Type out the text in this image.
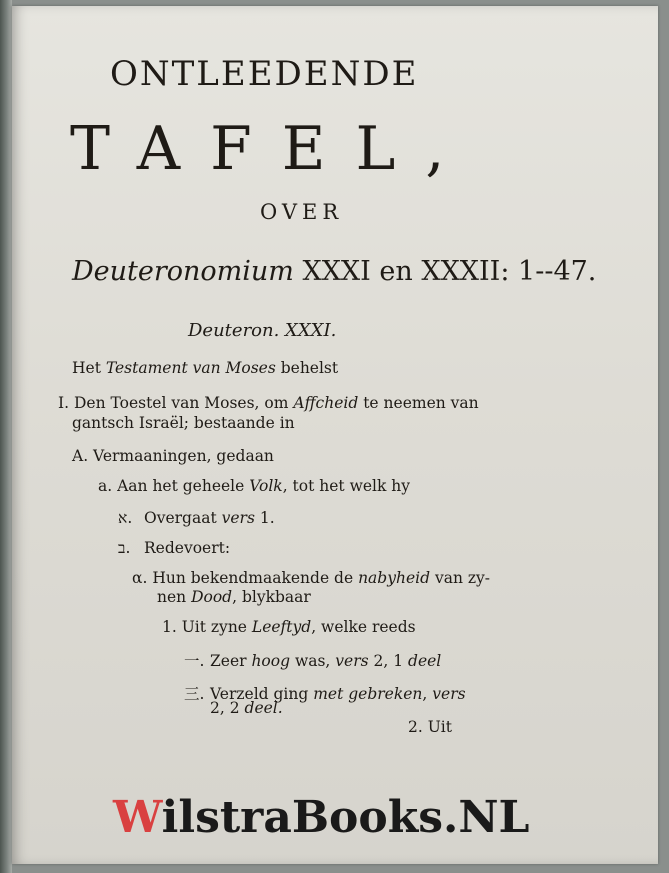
ONTLEEDENDE
TAFEL,
OVER
Deuteronomium XXXI en XXXII: 1--47.
Deuteron. XXXI.
Het Testament van Moses behelst
I. Den Toestel van Moses, om Affcheid te neemen van
gantsch Israël; bestaande in
A. Vermaaningen, gedaan
a. Aan het geheele Volk, tot het welk hy
א. Overgaat vers 1.
ב. Redevoert:
α. Hun bekendmaakende de nabyheid van zy-
nen Dood, blykbaar
1. Uit zyne Leeftyd, welke reeds
一. Zeer hoog was, vers 2, 1 deel
三. Verzeld ging met gebreken, vers
2, 2 deel.
2. Uit
WilstraBooks.NL
